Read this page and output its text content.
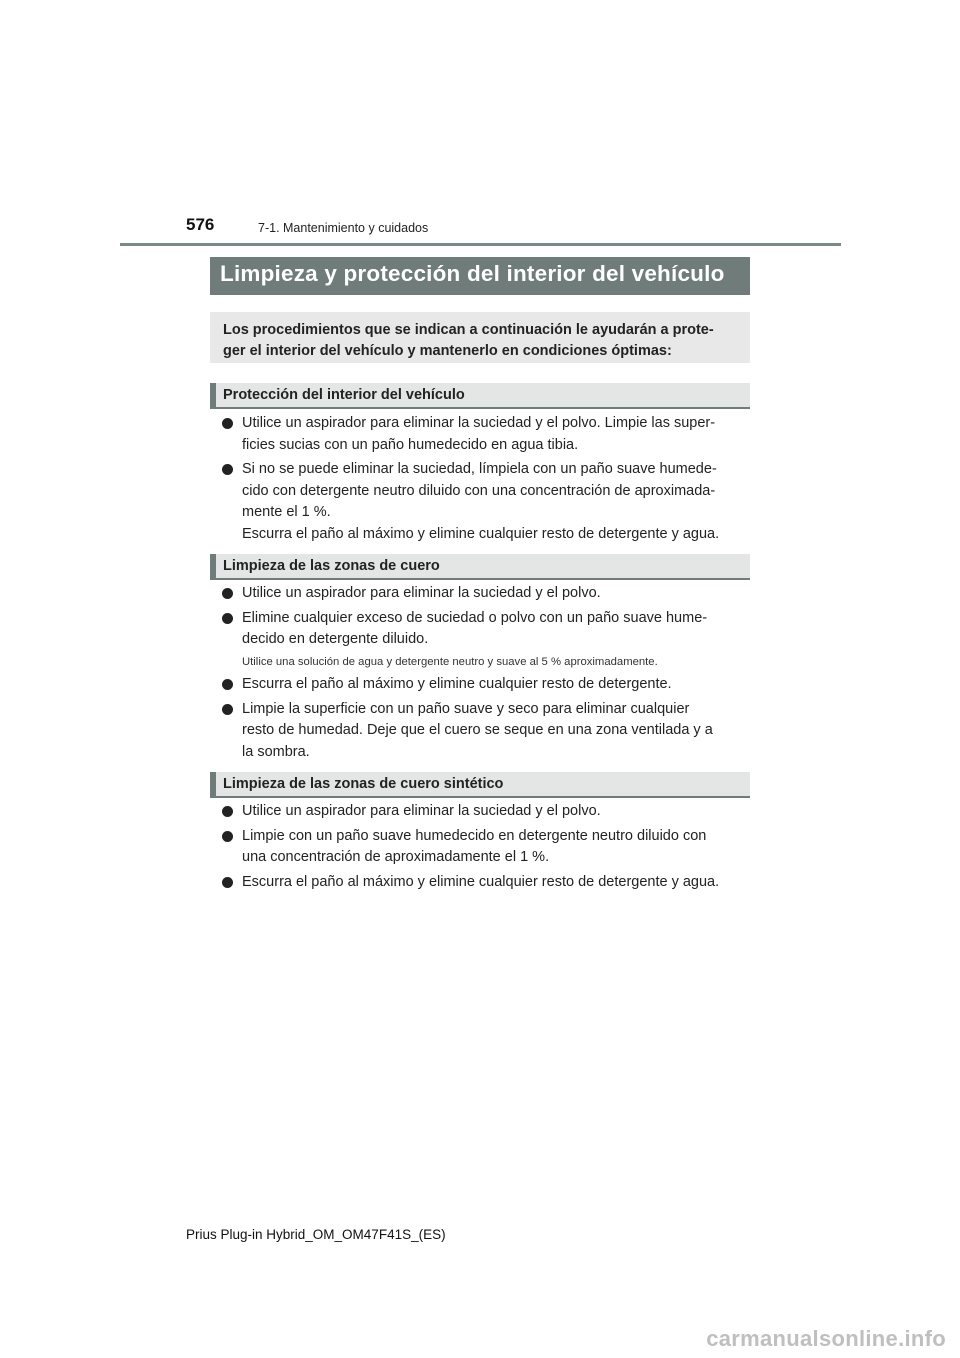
576	7-1. Mantenimiento y cuidados
Limpieza y protección del interior del vehículo
Los procedimientos que se indican a continuación le ayudarán a prote-
ger el interior del vehículo y mantenerlo en condiciones óptimas:
Protección del interior del vehículo
Utilice un aspirador para eliminar la suciedad y el polvo. Limpie las super-
ficies sucias con un paño humedecido en agua tibia.
Si no se puede eliminar la suciedad, límpiela con un paño suave humede-
cido con detergente neutro diluido con una concentración de aproximada-
mente el 1 %.
Escurra el paño al máximo y elimine cualquier resto de detergente y agua.
Limpieza de las zonas de cuero
Utilice un aspirador para eliminar la suciedad y el polvo.
Elimine cualquier exceso de suciedad o polvo con un paño suave hume-
decido en detergente diluido.
Utilice una solución de agua y detergente neutro y suave al 5 % aproximadamente.
Escurra el paño al máximo y elimine cualquier resto de detergente.
Limpie la superficie con un paño suave y seco para eliminar cualquier
resto de humedad. Deje que el cuero se seque en una zona ventilada y a
la sombra.
Limpieza de las zonas de cuero sintético
Utilice un aspirador para eliminar la suciedad y el polvo.
Limpie con un paño suave humedecido en detergente neutro diluido con
una concentración de aproximadamente el 1 %.
Escurra el paño al máximo y elimine cualquier resto de detergente y agua.
Prius Plug-in Hybrid_OM_OM47F41S_(ES)
carmanualsonline.info
